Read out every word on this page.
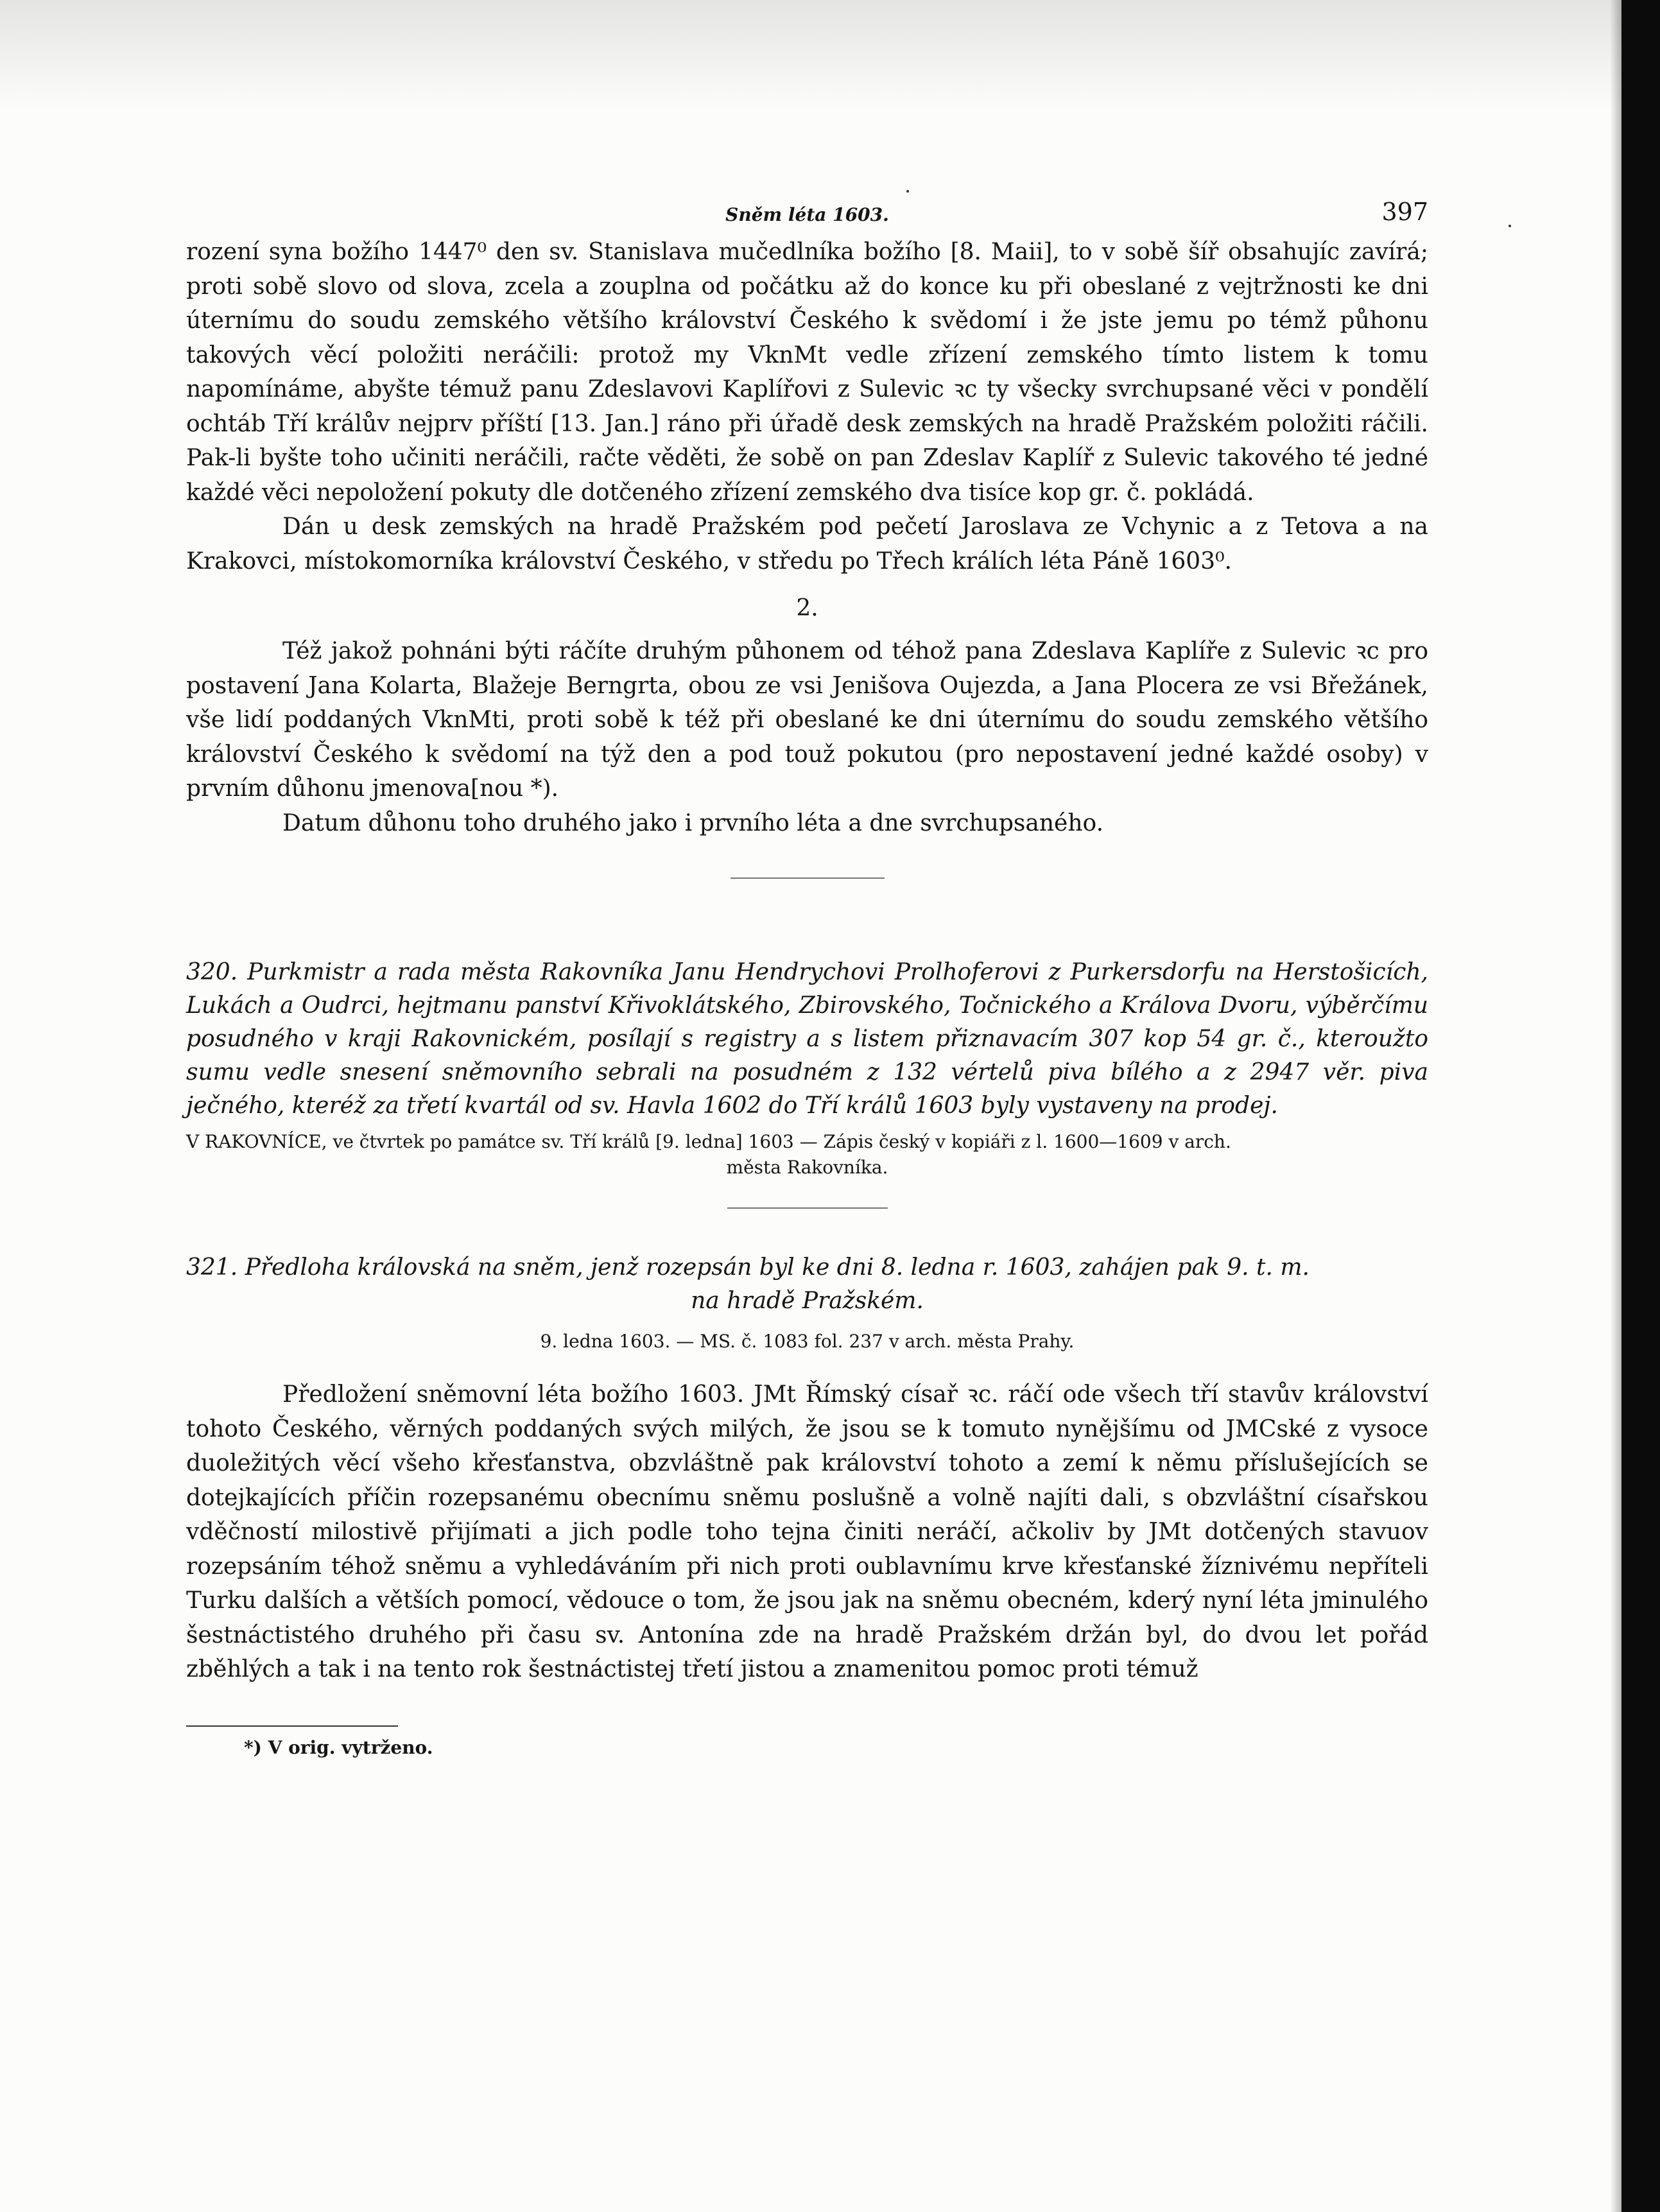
Sněm léta 1603.	397

rození syna božího 1447⁰ den sv. Stanislava mučedlníka božího [8. Maii], to v sobě šíř obsahujíc zavírá; proti sobě slovo od slova, zcela a zouplna od počátku až do konce ku při obeslané z vejtržnosti ke dni úternímu do soudu zemského většího království Českého k svědomí i že jste jemu po témž půhonu takových věcí položiti neráčili: protož my VknMt vedle zřízení zemského tímto listem k tomu napomínáme, abyšte témuž panu Zdeslavovi Kaplířovi z Sulevic ꝛc ty všecky svrchupsané věci v pondělí ochtáb Tří králův nejprv příští [13. Jan.] ráno při úřadě desk zemských na hradě Pražském položiti ráčili. Pak-li byšte toho učiniti neráčili, račte věděti, že sobě on pan Zdeslav Kaplíř z Sulevic takového té jedné každé věci nepoložení pokuty dle dotčeného zřízení zemského dva tisíce kop gr. č. pokládá.

Dán u desk zemských na hradě Pražském pod pečetí Jaroslava ze Vchynic a z Tetova a na Krakovci, místokomorníka království Českého, v středu po Třech králích léta Páně 1603⁰.

2.

Též jakož pohnáni býti ráčíte druhým půhonem od téhož pana Zdeslava Kaplíře z Sulevic ꝛc pro postavení Jana Kolarta, Blažeje Berngrta, obou ze vsi Jenišova Oujezda, a Jana Plocera ze vsi Břežánek, vše lidí poddaných VknMti, proti sobě k též při obeslané ke dni úternímu do soudu zemského většího království Českého k svědomí na týž den a pod touž pokutou (pro nepostavení jedné každé osoby) v prvním důhonu jmenova[nou *).

Datum důhonu toho druhého jako i prvního léta a dne svrchupsaného.

320. Purkmistr a rada města Rakovníka Janu Hendrychovi Prolhoferovi z Purkersdorfu na Herstošicích, Lukách a Oudrci, hejtmanu panství Křivoklátského, Zbirovského, Točnického a Králova Dvoru, výběrčímu posudného v kraji Rakovnickém, posílají s registry a s listem přiznavacím 307 kop 54 gr. č., kteroužto sumu vedle snesení sněmovního sebrali na posudném z 132 vértelů piva bílého a z 2947 věr. piva ječného, kteréž za třetí kvartál od sv. Havla 1602 do Tří králů 1603 byly vystaveny na prodej.

V RAKOVNÍCE, ve čtvrtek po památce sv. Tří králů [9. ledna] 1603 — Zápis český v kopiáři z l. 1600—1609 v arch.
města Rakovníka.

321. Předloha královská na sněm, jenž rozepsán byl ke dni 8. ledna r. 1603, zahájen pak 9. t. m.
na hradě Pražském.

9. ledna 1603. — MS. č. 1083 fol. 237 v arch. města Prahy.

Předložení sněmovní léta božího 1603. JMt Římský císař ꝛc. ráčí ode všech tří stavův království tohoto Českého, věrných poddaných svých milých, že jsou se k tomuto nynějšímu od JMCské z vysoce duoležitých věcí všeho křesťanstva, obzvláštně pak království tohoto a zemí k němu příslušejících se dotejkajících příčin rozepsanému obecnímu sněmu poslušně a volně najíti dali, s obzvláštní císařskou vděčností milostivě přijímati a jich podle toho tejna činiti neráčí, ačkoliv by JMt dotčených stavuov rozepsáním téhož sněmu a vyhledáváním při nich proti oublavnímu krve křesťanské žíznivému nepříteli Turku dalších a větších pomocí, vědouce o tom, že jsou jak na sněmu obecném, kderý nyní léta jminulého šestnáctistého druhého při času sv. Antonína zde na hradě Pražském držán byl, do dvou let pořád zběhlých a tak i na tento rok šestnáctistej třetí jistou a znamenitou pomoc proti témuž

*) V orig. vytrženo.
